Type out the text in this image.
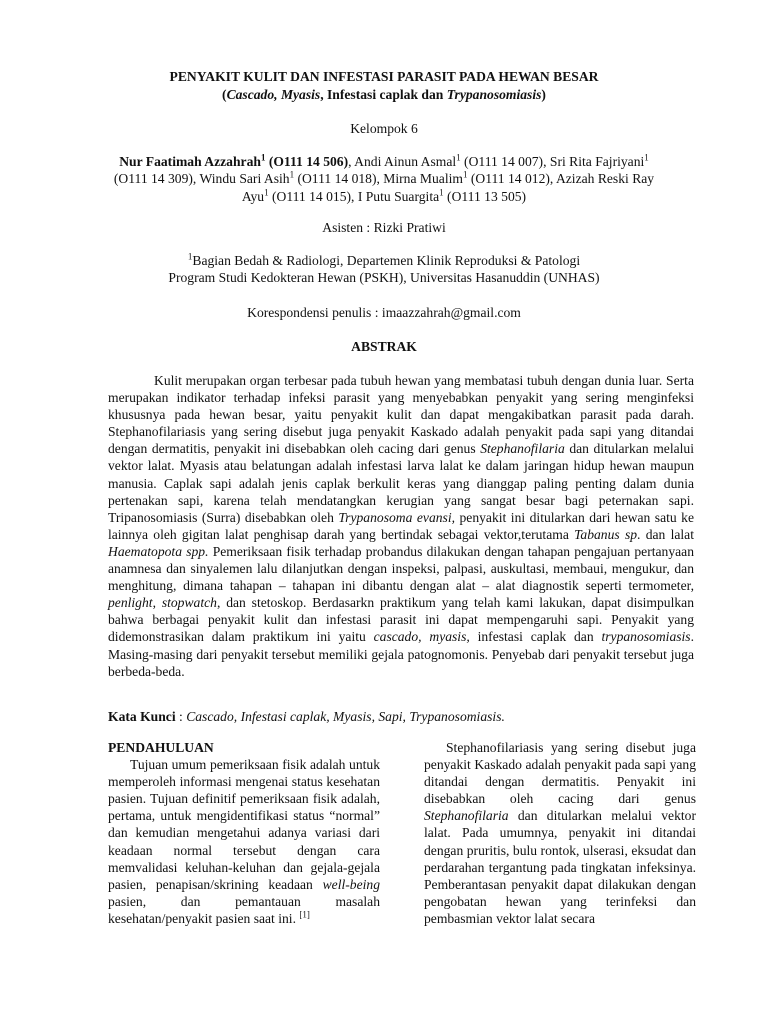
PENYAKIT KULIT DAN INFESTASI PARASIT PADA HEWAN BESAR
(Cascado, Myasis, Infestasi caplak dan Trypanosomiasis)
Kelompok 6
Nur Faatimah Azzahrah$^1$ (O111 14 506), Andi Ainun Asmal$^1$ (O111 14 007), Sri Rita Fajriyani$^1$ (O111 14 309), Windu Sari Asih$^1$ (O111 14 018), Mirna Mualim$^1$ (O111 14 012), Azizah Reski Ray Ayu$^1$ (O111 14 015), I Putu Suargita$^1$ (O111 13 505)
Asisten : Rizki Pratiwi
$^1$Bagian Bedah & Radiologi, Departemen Klinik Reproduksi & Patologi
Program Studi Kedokteran Hewan (PSKH), Universitas Hasanuddin (UNHAS)
Korespondensi penulis : imaazzahrah@gmail.com
ABSTRAK

Kulit merupakan organ terbesar pada tubuh hewan yang membatasi tubuh dengan dunia luar. Serta merupakan indikator terhadap infeksi parasit yang menyebabkan penyakit yang sering menginfeksi khususnya pada hewan besar, yaitu penyakit kulit dan dapat mengakibatkan parasit pada darah. Stephanofilariasis yang sering disebut juga penyakit Kaskado adalah penyakit pada sapi yang ditandai dengan dermatitis, penyakit ini disebabkan oleh cacing dari genus Stephanofilaria dan ditularkan melalui vektor lalat. Myasis atau belatungan adalah infestasi larva lalat ke dalam jaringan hidup hewan maupun manusia. Caplak sapi adalah jenis caplak berkulit keras yang dianggap paling penting dalam dunia pertenakan sapi, karena telah mendatangkan kerugian yang sangat besar bagi peternakan sapi. Tripanosomiasis (Surra) disebabkan oleh Trypanosoma evansi, penyakit ini ditularkan dari hewan satu ke lainnya oleh gigitan lalat penghisap darah yang bertindak sebagai vektor,terutama Tabanus sp. dan lalat Haematopota spp. Pemeriksaan fisik terhadap probandus dilakukan dengan tahapan pengajuan pertanyaan anamnesa dan sinyalemen lalu dilanjutkan dengan inspeksi, palpasi, auskultasi, membaui, mengukur, dan menghitung, dimana tahapan – tahapan ini dibantu dengan alat – alat diagnostik seperti termometer, penlight, stopwatch, dan stetoskop. Berdasarkn praktikum yang telah kami lakukan, dapat disimpulkan bahwa berbagai penyakit kulit dan infestasi parasit ini dapat mempengaruhi sapi. Penyakit yang didemonstrasikan dalam praktikum ini yaitu cascado, myasis, infestasi caplak dan trypanosomiasis. Masing-masing dari penyakit tersebut memiliki gejala patognomonis. Penyebab dari penyakit tersebut juga berbeda-beda.

Kata Kunci : Cascado, Infestasi caplak, Myasis, Sapi, Trypanosomiasis.
PENDAHULUAN

Tujuan umum pemeriksaan fisik adalah untuk memperoleh informasi mengenai status kesehatan pasien. Tujuan definitif pemeriksaan fisik adalah, pertama, untuk mengidentifikasi status “normal” dan kemudian mengetahui adanya variasi dari keadaan normal tersebut dengan cara memvalidasi keluhan-keluhan dan gejala-gejala pasien, penapisan/skrining keadaan well-being pasien, dan pemantauan masalah kesehatan/penyakit pasien saat ini. [1]

Stephanofilariasis yang sering disebut juga penyakit Kaskado adalah penyakit pada sapi yang ditandai dengan dermatitis. Penyakit ini disebabkan oleh cacing dari genus Stephanofilaria dan ditularkan melalui vektor lalat. Pada umumnya, penyakit ini ditandai dengan pruritis, bulu rontok, ulserasi, eksudat dan perdarahan tergantung pada tingkatan infeksinya. Pemberantasan penyakit dapat dilakukan dengan pengobatan hewan yang terinfeksi dan pembasmian vektor lalat secara
